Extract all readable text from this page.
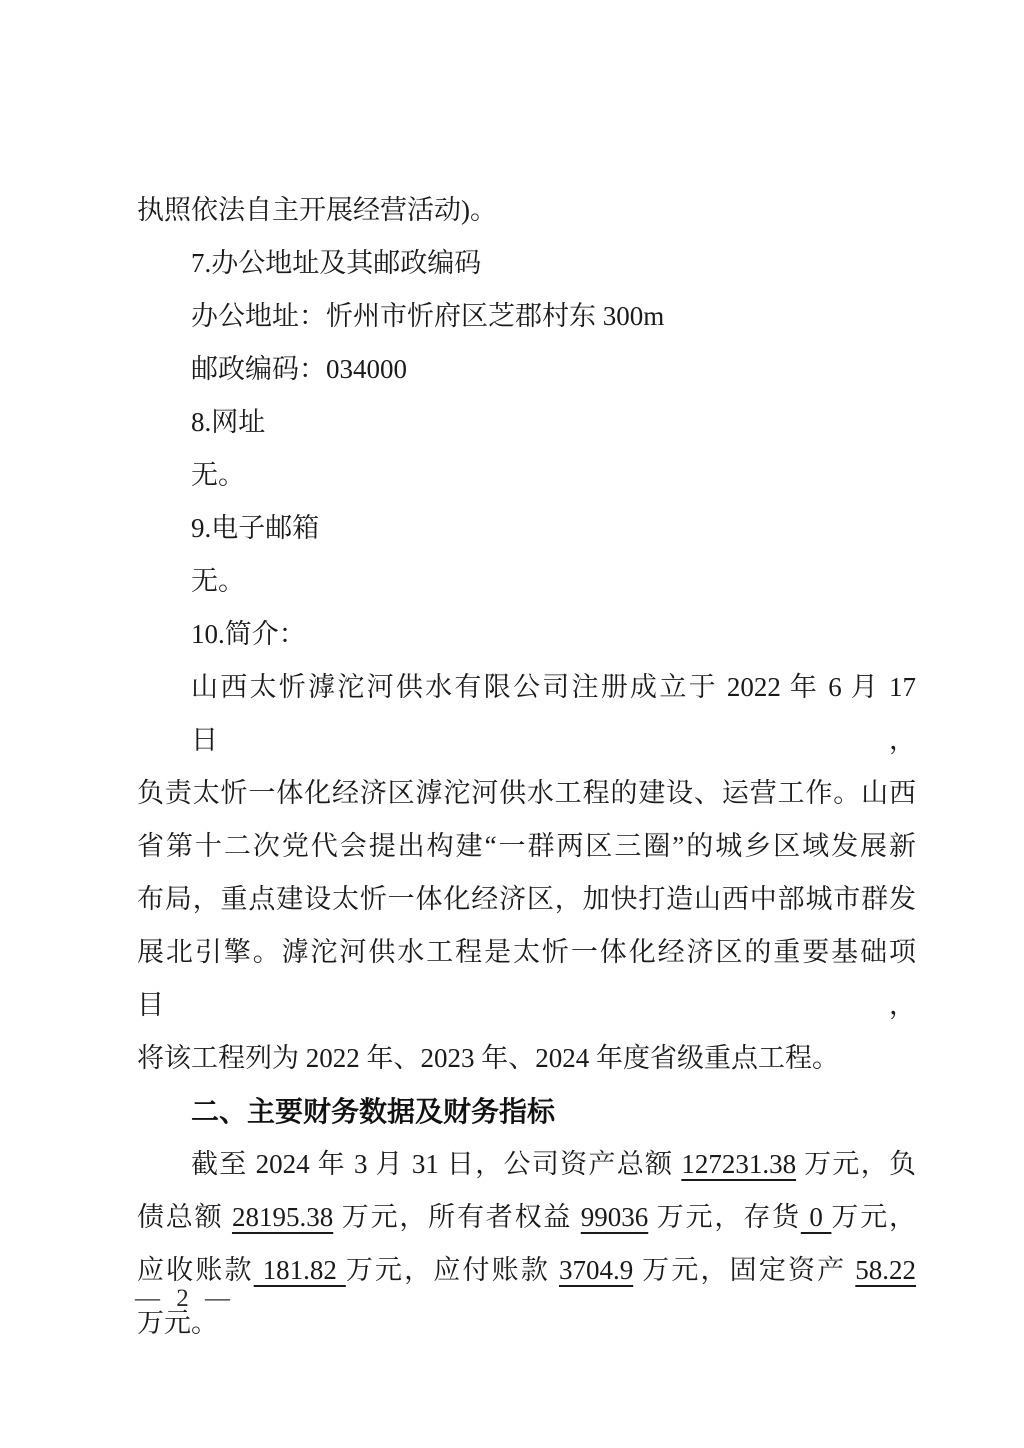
执照依法自主开展经营活动)。
7.办公地址及其邮政编码
办公地址：忻州市忻府区芝郡村东 300m
邮政编码：034000
8.网址
无。
9.电子邮箱
无。
10.简介：
山西太忻滹沱河供水有限公司注册成立于 2022 年 6 月 17 日，
负责太忻一体化经济区滹沱河供水工程的建设、运营工作。山西
省第十二次党代会提出构建“一群两区三圈”的城乡区域发展新
布局，重点建设太忻一体化经济区，加快打造山西中部城市群发
展北引擎。滹沱河供水工程是太忻一体化经济区的重要基础项目，
将该工程列为 2022 年、2023 年、2024 年度省级重点工程。
二、主要财务数据及财务指标
截至 2024 年 3 月 31 日，公司资产总额 127231.38 万元，负
债总额 28195.38 万元，所有者权益 99036 万元，存货 0 万元，
应收账款 181.82 万元，应付账款 3704.9 万元，固定资产 58.22
万元。
— 2 —
